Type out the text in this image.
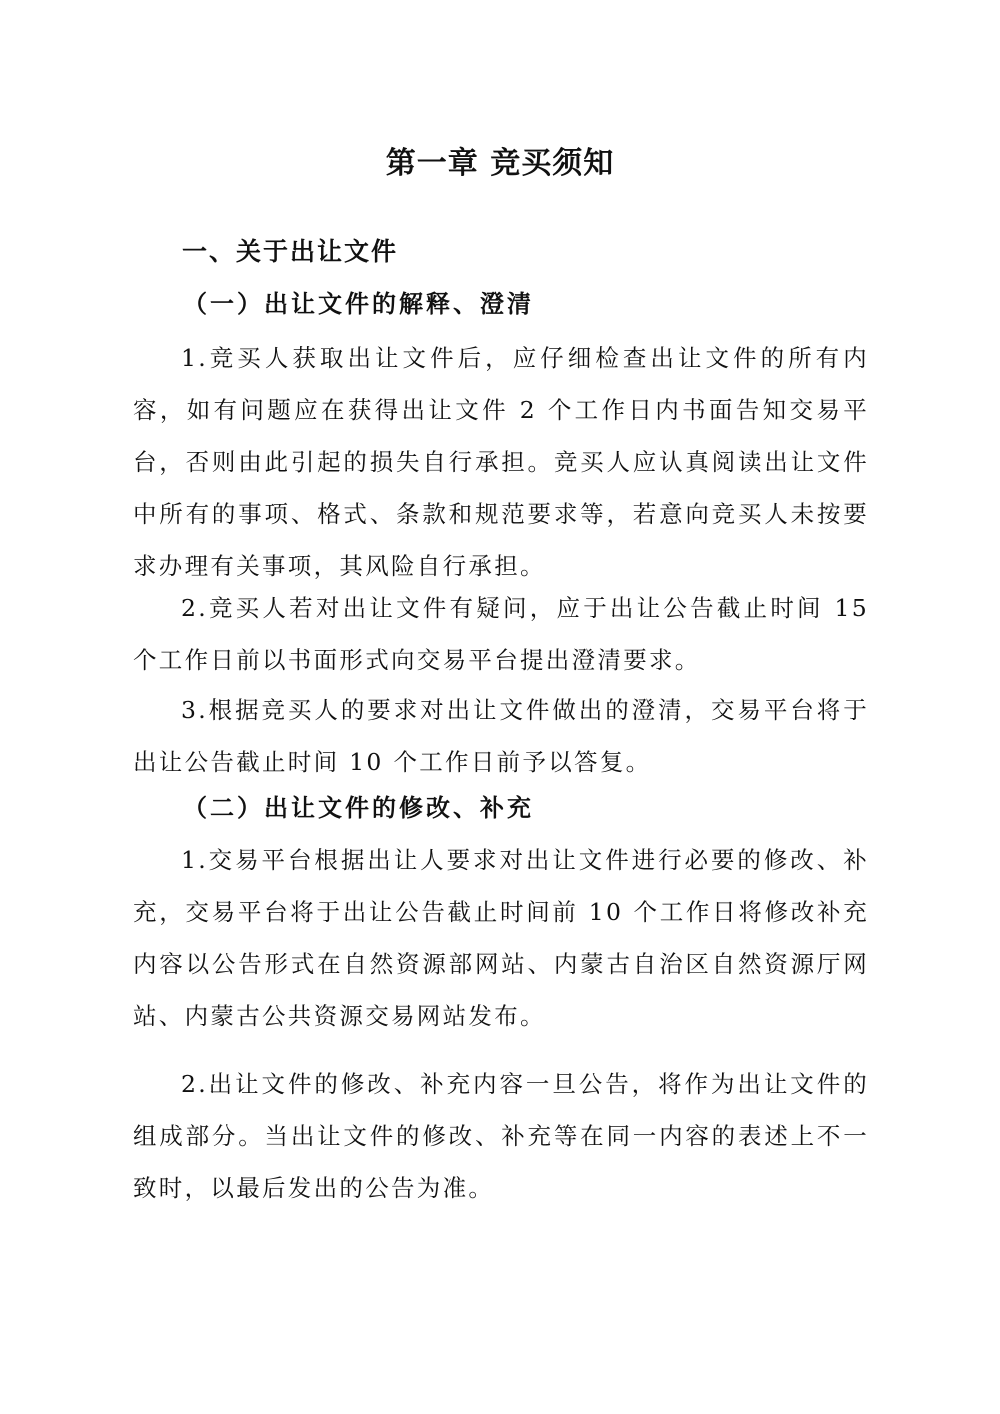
第一章 竞买须知
一、关于出让文件
（一）出让文件的解释、澄清

1.竞买人获取出让文件后，应仔细检查出让文件的所有内容，如有问题应在获得出让文件 2 个工作日内书面告知交易平台，否则由此引起的损失自行承担。竞买人应认真阅读出让文件中所有的事项、格式、条款和规范要求等，若意向竞买人未按要求办理有关事项，其风险自行承担。

2.竞买人若对出让文件有疑问，应于出让公告截止时间 15 个工作日前以书面形式向交易平台提出澄清要求。

3.根据竞买人的要求对出让文件做出的澄清，交易平台将于出让公告截止时间 10 个工作日前予以答复。

（二）出让文件的修改、补充

1.交易平台根据出让人要求对出让文件进行必要的修改、补充，交易平台将于出让公告截止时间前 10 个工作日将修改补充内容以公告形式在自然资源部网站、内蒙古自治区自然资源厅网站、内蒙古公共资源交易网站发布。

2.出让文件的修改、补充内容一旦公告，将作为出让文件的组成部分。当出让文件的修改、补充等在同一内容的表述上不一致时，以最后发出的公告为准。
